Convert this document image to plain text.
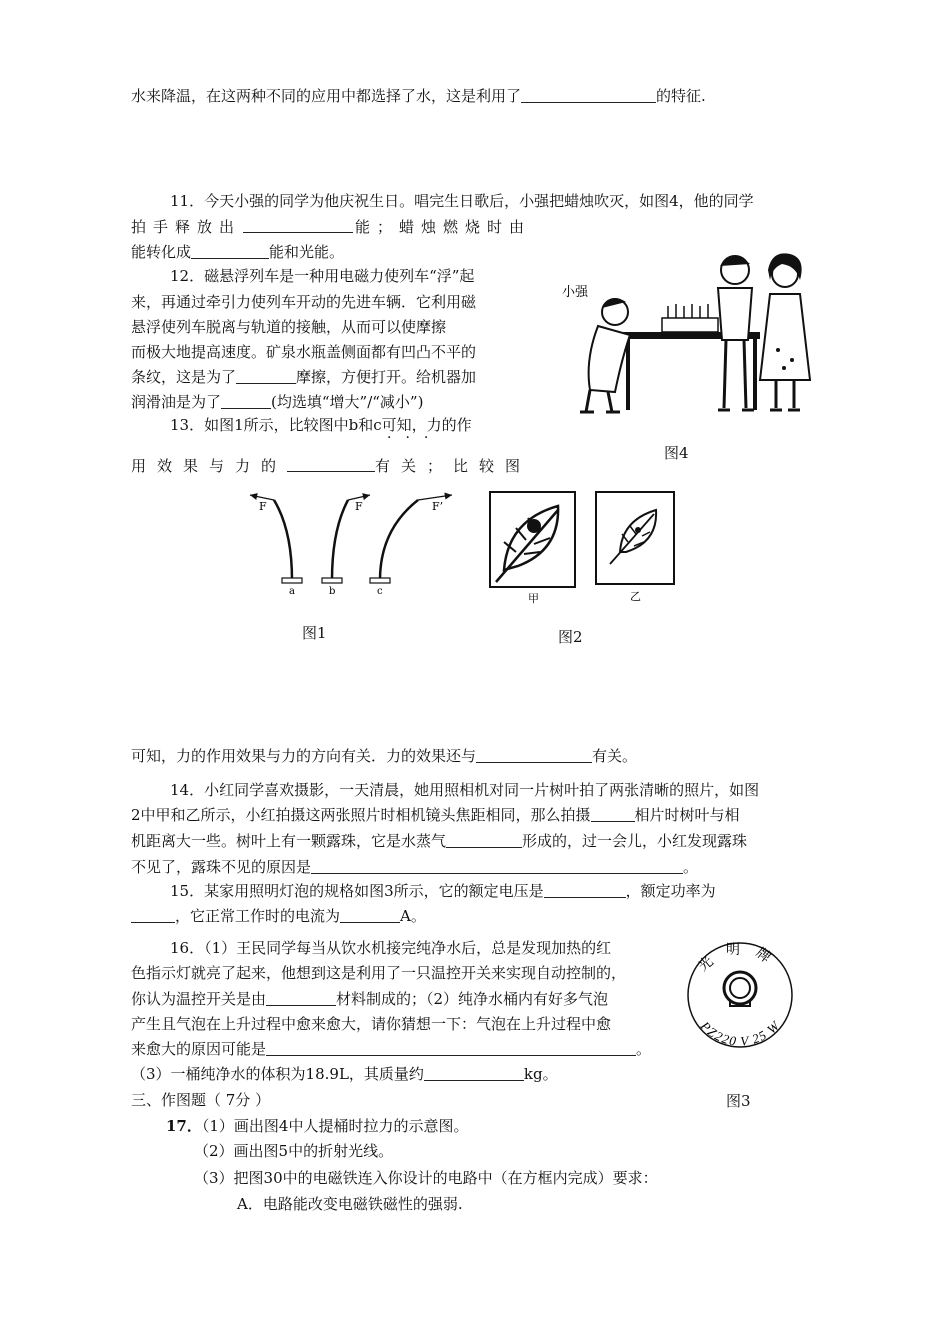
水来降温，在这两种不同的应用中都选择了水，这是利用了	的特征.
11．今天小强的同学为他庆祝生日。唱完生日歌后，小强把蜡烛吹灭，如图4，他的同学
拍手释放出	能；蜡烛燃烧时由
能转化成	能和光能。
12．磁悬浮列车是一种用电磁力使列车“浮”起
来，再通过牵引力使列车开动的先进车辆．它利用磁
悬浮使列车脱离与轨道的接触，从而可以使摩擦
而极大地提高速度。矿泉水瓶盖侧面都有凹凸不平的
条纹，这是为了	摩擦，方便打开。给机器加
润滑油是为了	(均选填“增大”/“减小”)
13．如图1所示，比较图中b和c可知，力的作
···
用效果与力的	有关；比较图
小强
图4
F
a
F
b
F’
c
图1
甲	乙
图2
可知，力的作用效果与力的方向有关．力的效果还与	有关。
14．小红同学喜欢摄影，一天清晨，她用照相机对同一片树叶拍了两张清晰的照片，如图
2中甲和乙所示，小红拍摄这两张照片时相机镜头焦距相同，那么拍摄	相片时树叶与相
机距离大一些。树叶上有一颗露珠，它是水蒸气	形成的，过一会儿，小红发现露珠
不见了，露珠不见的原因是	。
15．某家用照明灯泡的规格如图3所示，它的额定电压是	，额定功率为
，它正常工作时的电流为	A。
16．（1）王民同学每当从饮水机接完纯净水后，总是发现加热的红
色指示灯就亮了起来，他想到这是利用了一只温控开关来实现自动控制的，
你认为温控开关是由	材料制成的；（2）纯净水桶内有好多气泡
产生且气泡在上升过程中愈来愈大，请你猜想一下：气泡在上升过程中愈
来愈大的原因可能是	。
（3）一桶纯净水的体积为18.9L，其质量约	kg。
光明牌
PZ220 V 25 W
图3
三、作图题（ 7分 ）
17．（1）画出图4中人提桶时拉力的示意图。
（2）画出图5中的折射光线。
（3）把图30中的电磁铁连入你设计的电路中（在方框内完成）要求：
A．电路能改变电磁铁磁性的强弱.
